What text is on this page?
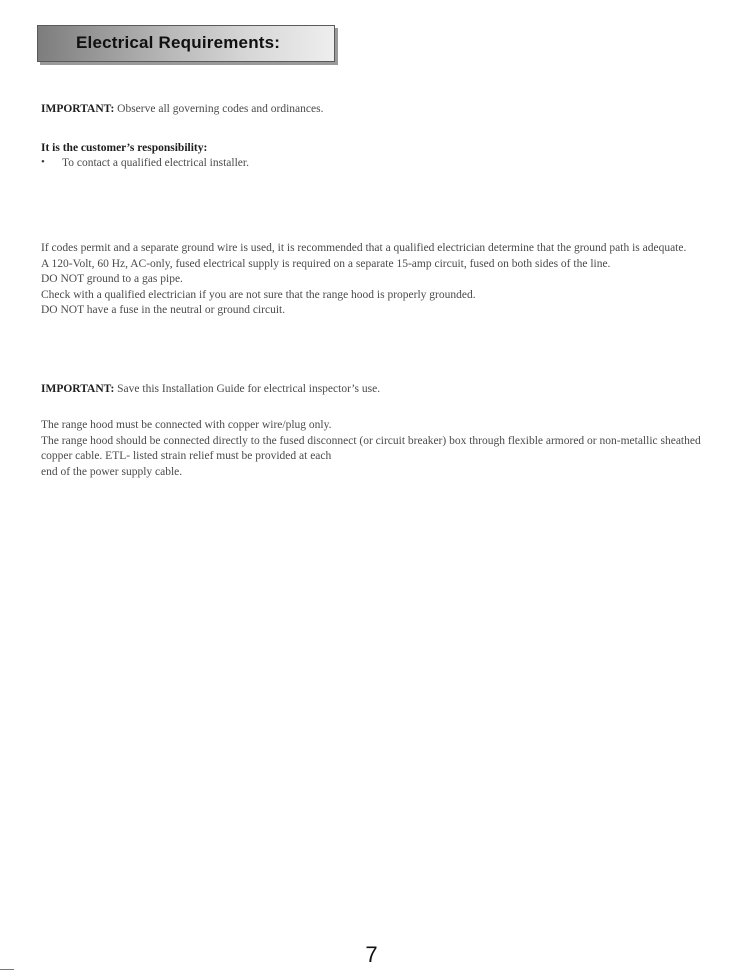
Electrical Requirements:
IMPORTANT: Observe all governing codes and ordinances.
It is the customer’s responsibility:
• To contact a qualified electrical installer.

If codes permit and a separate ground wire is used, it is recommended that a qualified electrician determine that the ground path is adequate.

A 120-Volt, 60 Hz, AC-only, fused electrical supply is required on a separate 15-amp circuit, fused on both sides of the line.

DO NOT ground to a gas pipe.

Check with a qualified electrician if you are not sure that the range hood is properly grounded.

DO NOT have a fuse in the neutral or ground circuit.

IMPORTANT: Save this Installation Guide for electrical inspector’s use.

The range hood must be connected with copper wire/plug only.

The range hood should be connected directly to the fused disconnect (or circuit breaker) box through flexible armored or non-metallic sheathed copper cable. ETL- listed strain relief must be provided at each

end of the power supply cable.

7
